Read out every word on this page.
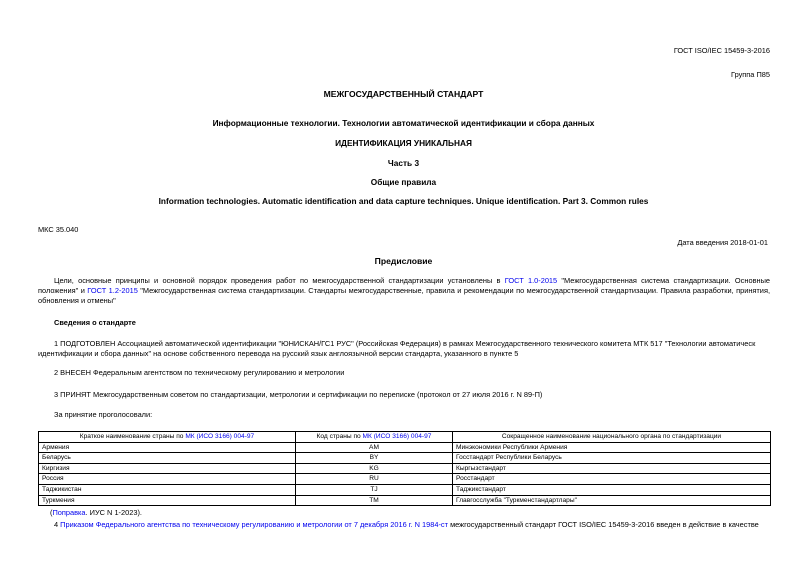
ГОСТ ISO/IEC 15459-3-2016
Группа П85
МЕЖГОСУДАРСТВЕННЫЙ СТАНДАРТ
Информационные технологии. Технологии автоматической идентификации и сбора данных
ИДЕНТИФИКАЦИЯ УНИКАЛЬНАЯ
Часть 3
Общие правила
Information technologies. Automatic identification and data capture techniques. Unique identification. Part 3. Common rules
МКС 35.040
Дата введения 2018-01-01
Предисловие
Цели, основные принципы и основной порядок проведения работ по межгосударственной стандартизации установлены в ГОСТ 1.0-2015 "Межгосударственная система стандартизации. Основные положения" и ГОСТ 1.2-2015 "Межгосударственная система стандартизации. Стандарты межгосударственные, правила и рекомендации по межгосударственной стандартизации. Правила разработки, принятия, обновления и отмены"
Сведения о стандарте
1 ПОДГОТОВЛЕН Ассоциацией автоматической идентификации "ЮНИСКАН/ГС1 РУС" (Российская Федерация) в рамках Межгосударственного технического комитета МТК 517 "Технологии автоматическ
идентификации и сбора данных" на основе собственного перевода на русский язык англоязычной версии стандарта, указанного в пункте 5
2 ВНЕСЕН Федеральным агентством по техническому регулированию и метрологии
3 ПРИНЯТ Межгосударственным советом по стандартизации, метрологии и сертификации по переписке (протокол от 27 июля 2016 г. N 89-П)
За принятие проголосовали:
Краткое наименование страны по МК (ИСО 3166) 004-97	Код страны по МК (ИСО 3166) 004-97	Сокращенное наименование национального органа по стандартизации
Армения	AM	Минэкономики Республики Армения
Беларусь	BY	Госстандарт Республики Беларусь
Киргизия	KG	Кыргызстандарт
Россия	RU	Росстандарт
Таджикистан	TJ	Таджикстандарт
Туркмения	TM	Главгосслужба "Туркменстандартлары"
(Поправка. ИУС N 1-2023).
4 Приказом Федерального агентства по техническому регулированию и метрологии от 7 декабря 2016 г. N 1984-ст межгосударственный стандарт ГОСТ ISO/IEC 15459-3-2016 введен в действие в качестве
